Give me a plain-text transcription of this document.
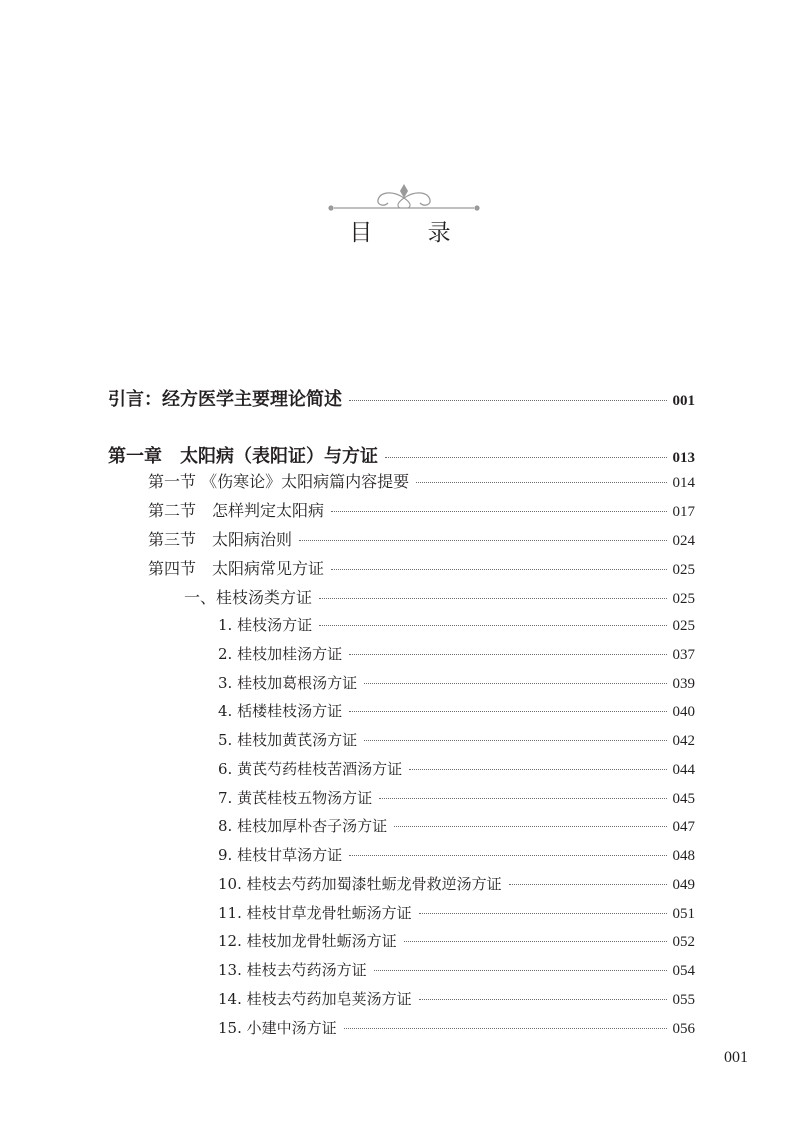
目 录
引言：经方医学主要理论简述	001
第一章　太阳病（表阳证）与方证	013
第一节 《伤寒论》太阳病篇内容提要	014
第二节　怎样判定太阳病	017
第三节　太阳病治则	024
第四节　太阳病常见方证	025
一、桂枝汤类方证	025
1. 桂枝汤方证	025
2. 桂枝加桂汤方证	037
3. 桂枝加葛根汤方证	039
4. 栝楼桂枝汤方证	040
5. 桂枝加黄芪汤方证	042
6. 黄芪芍药桂枝苦酒汤方证	044
7. 黄芪桂枝五物汤方证	045
8. 桂枝加厚朴杏子汤方证	047
9. 桂枝甘草汤方证	048
10. 桂枝去芍药加蜀漆牡蛎龙骨救逆汤方证	049
11. 桂枝甘草龙骨牡蛎汤方证	051
12. 桂枝加龙骨牡蛎汤方证	052
13. 桂枝去芍药汤方证	054
14. 桂枝去芍药加皂荚汤方证	055
15. 小建中汤方证	056
001
